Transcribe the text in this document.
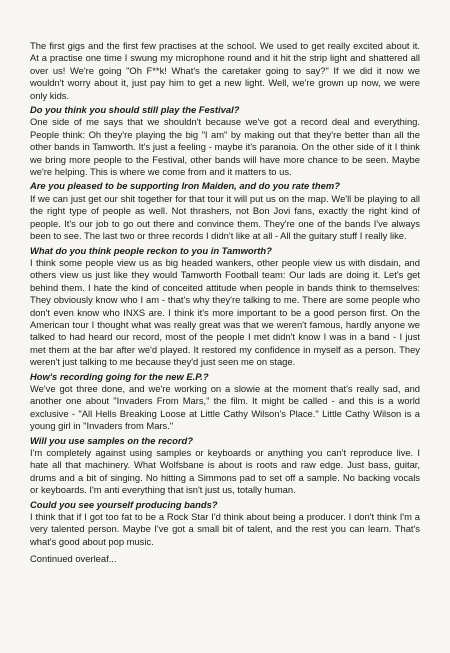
The first gigs and the first few practises at the school. We used to get really excited about it. At a practise one time I swung my microphone round and it hit the strip light and shattered all over us! We're going "Oh F**k! What's the caretaker going to say?" If we did it now we wouldn't worry about it, just pay him to get a new light. Well, we're grown up now, we were only kids.

Do you think you should still play the Festival?

One side of me says that we shouldn't because we've got a record deal and everything. People think: Oh they're playing the big "I am" by making out that they're better than all the other bands in Tamworth. It's just a feeling - maybe it's paranoia. On the other side of it I think we bring more people to the Festival, other bands will have more chance to be seen. Maybe we're helping. This is where we come from and it matters to us.

Are you pleased to be supporting Iron Maiden, and do you rate them?

If we can just get our shit together for that tour it will put us on the map. We'll be playing to all the right type of people as well. Not thrashers, not Bon Jovi fans, exactly the right kind of people. It's our job to go out there and convince them. They're one of the bands I've always been to see. The last two or three records I didn't like at all - All the guitary stuff I really like.

What do you think people reckon to you in Tamworth?

I think some people view us as big headed wankers, other people view us with disdain, and others view us just like they would Tamworth Football team: Our lads are doing it. Let's get behind them. I hate the kind of conceited attitude when people in bands think to themselves: They obviously know who I am - that's why they're talking to me. There are some people who don't even know who INXS are. I think it's more important to be a good person first. On the American tour I thought what was really great was that we weren't famous, hardly anyone we talked to had heard our record, most of the people I met didn't know I was in a band - I just met them at the bar after we'd played. It restored my confidence in myself as a person. They weren't just talking to me because they'd just seen me on stage.

How's recording going for the new E.P.?

We've got three done, and we're working on a slowie at the moment that's really sad, and another one about "Invaders From Mars," the film. It might be called - and this is a world exclusive - "All Hells Breaking Loose at Little Cathy Wilson's Place." Little Cathy Wilson is a young girl in "Invaders from Mars."

Will you use samples on the record?

I'm completely against using samples or keyboards or anything you can't reproduce live. I hate all that machinery. What Wolfsbane is about is roots and raw edge. Just bass, guitar, drums and a bit of singing. No hitting a Simmons pad to set off a sample. No backing vocals or keyboards. I'm anti everything that isn't just us, totally human.

Could you see yourself producing bands?

I think that if I got too fat to be a Rock Star I'd think about being a producer. I don't think I'm a very talented person. Maybe I've got a small bit of talent, and the rest you can learn. That's what's good about pop music.

Continued overleaf...
